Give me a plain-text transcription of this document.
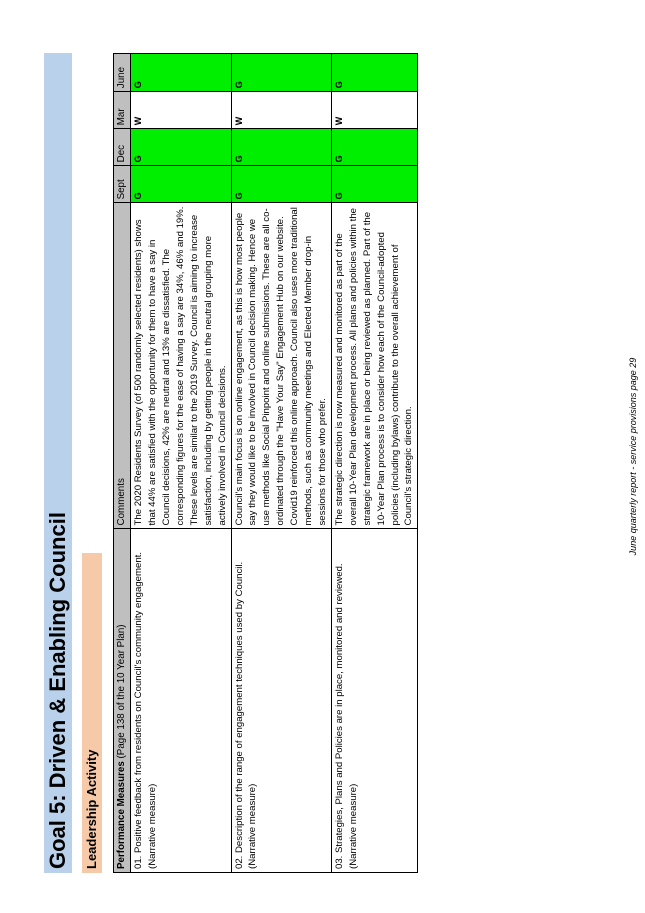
Goal 5: Driven & Enabling Council Leadership Activity	Performance Measures (Page 138 of the 10 Year Plan)	Comments	Sept	Dec	Mar	June
01. Positive feedback from residents on Council's community engagement. (Narrative measure)	The 2020 Residents Survey (of 500 randomly selected residents) shows that 44% are satisfied with the opportunity for them to have a say in Council decisions, 42% are neutral and 13% are dissatisfied. The corresponding figures for the ease of having a say are 34%, 46% and 19%. These levels are similar to the 2019 Survey. Council is aiming to increase satisfaction, including by getting people in the neutral grouping more actively involved in Council decisions.	G	G	W	G
02. Description of the range of engagement techniques used by Council. (Narrative measure)	Council's main focus is on online engagement, as this is how most people say they would like to be involved in Council decision making. Hence we use methods like Social Pinpoint and online submissions. These are all co-ordinated through the "Have Your Say" Engagement Hub on our website. Covid19 reinforced this online approach. Council also uses more traditional methods, such as community meetings and Elected Member drop-in sessions for those who prefer.	G	G	W	G
03. Strategies, Plans and Policies are in place, monitored and reviewed. (Narrative measure)	The strategic direction is now measured and monitored as part of the overall 10-Year Plan development process. All plans and policies within the strategic framework are in place or being reviewed as planned. Part of the 10-Year Plan process is to consider how each of the Council-adopted policies (including bylaws) contribute to the overall achievement of Council's strategic direction.	G	G	W	G
June quarterly report - service provisions page 29
